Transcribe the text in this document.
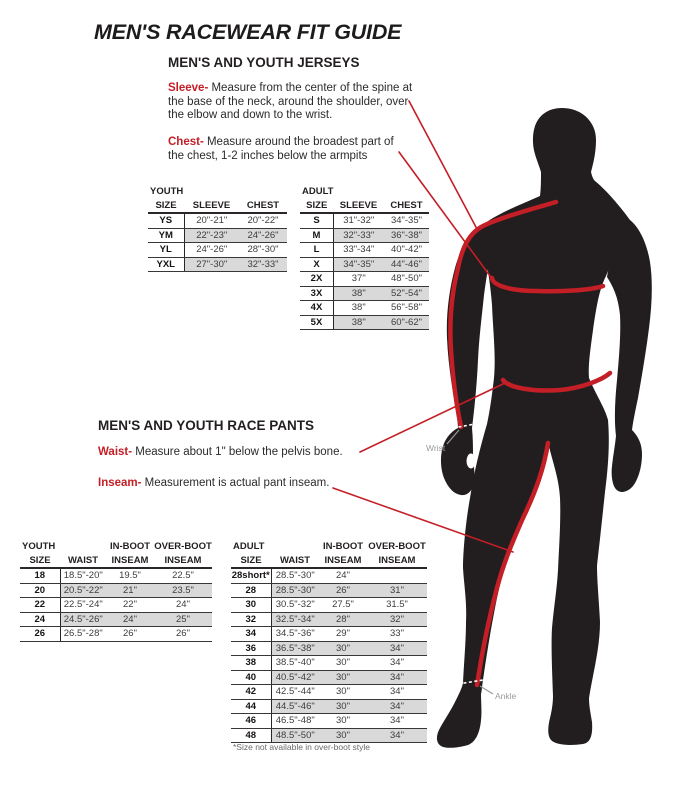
Wrist
Ankle
MEN'S RACEWEAR FIT GUIDE
MEN'S AND YOUTH JERSEYS
Sleeve- Measure from the center of the spine at the base of the neck, around the shoulder, over the elbow and down to the wrist.
Chest- Measure around the broadest part of the chest, 1-2 inches below the armpits
MEN'S AND YOUTH RACE PANTS
Waist- Measure about 1" below the pelvis bone.
Inseam- Measurement is actual pant inseam.
YOUTH		
SIZE	SLEEVE	CHEST
YS	20"-21"	20"-22"
YM	22"-23"	24"-26"
YL	24"-26"	28"-30"
YXL	27"-30"	32"-33"
ADULT		
SIZE	SLEEVE	CHEST
S	31"-32"	34"-35"
M	32"-33"	36"-38"
L	33"-34"	40"-42"
X	34"-35"	44"-46"
2X	37"	48"-50"
3X	38"	52"-54"
4X	38"	56"-58"
5X	38"	60"-62"
YOUTH		IN-BOOT	OVER-BOOT
SIZE	WAIST	INSEAM	INSEAM
18	18.5"-20"	19.5"	22.5"
20	20.5"-22"	21"	23.5"
22	22.5"-24"	22"	24"
24	24.5"-26"	24"	25"
26	26.5"-28"	26"	26"
ADULT		IN-BOOT	OVER-BOOT
SIZE	WAIST	INSEAM	INSEAM
28short*	28.5"-30"	24"	
28	28.5"-30"	26"	31"
30	30.5"-32"	27.5"	31.5"
32	32.5"-34"	28"	32"
34	34.5"-36"	29"	33"
36	36.5"-38"	30"	34"
38	38.5"-40"	30"	34"
40	40.5"-42"	30"	34"
42	42.5"-44"	30"	34"
44	44.5"-46"	30"	34"
46	46.5"-48"	30"	34"
48	48.5"-50"	30"	34"
*Size not available in over-boot style
